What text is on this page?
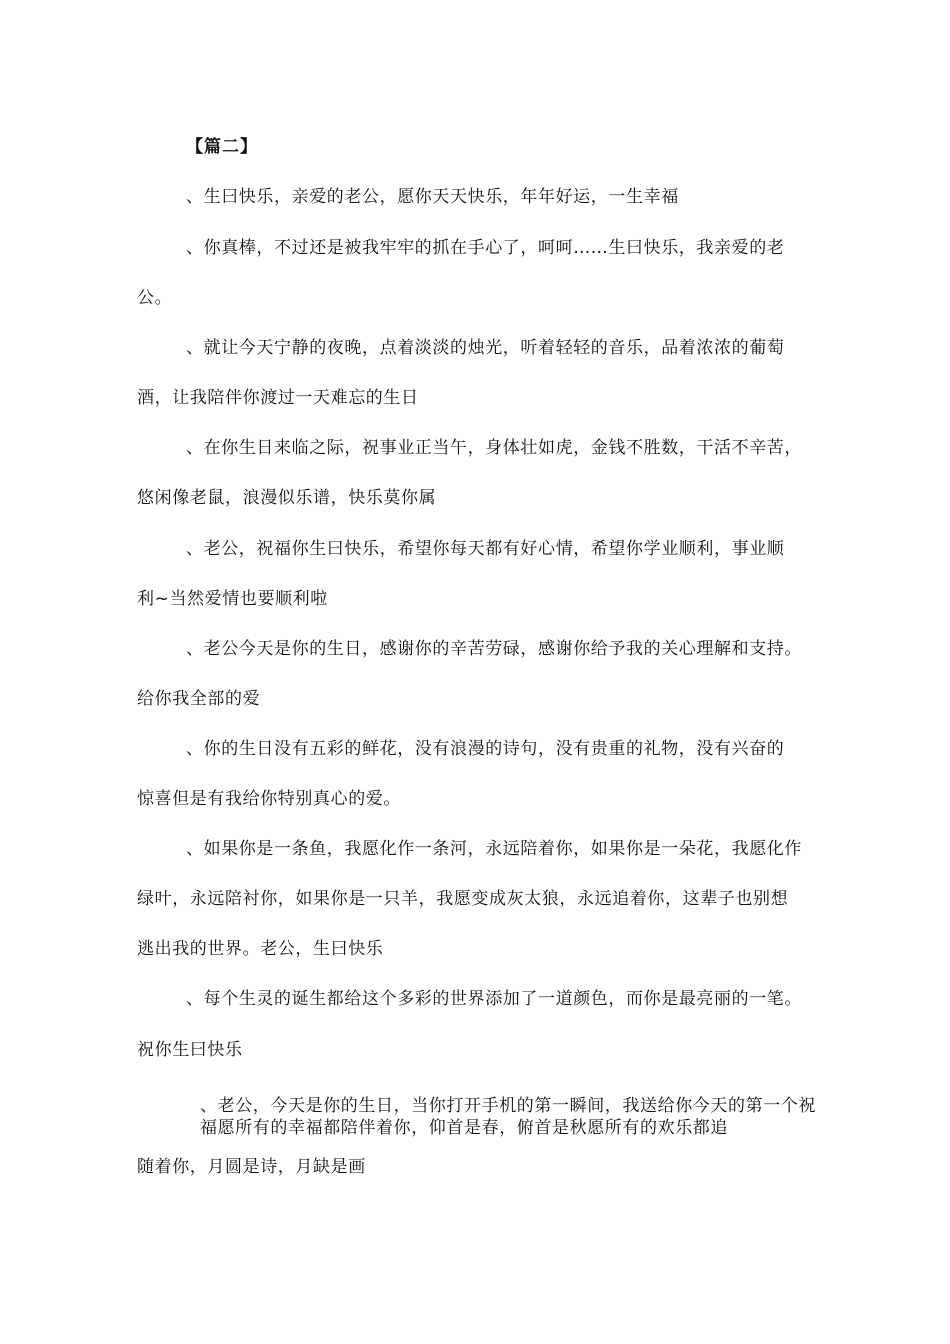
【篇二】
、生曰快乐，亲爱的老公，愿你天天快乐，年年好运，一生幸福
、你真棒，不过还是被我牢牢的抓在手心了，呵呵……生曰快乐，我亲爱的老
公。
、就让今天宁静的夜晚，点着淡淡的烛光，听着轻轻的音乐，品着浓浓的葡萄
酒，让我陪伴你渡过一天难忘的生日
、在你生日来临之际，祝事业正当午，身体壮如虎，金钱不胜数，干活不辛苦，
悠闲像老鼠，浪漫似乐谱，快乐莫你属
、老公，祝福你生曰快乐，希望你每天都有好心情，希望你学业顺利，事业顺
利~当然爱情也要顺利啦
、老公今天是你的生日，感谢你的辛苦劳碌，感谢你给予我的关心理解和支持。
给你我全部的爱
、你的生日没有五彩的鲜花，没有浪漫的诗句，没有贵重的礼物，没有兴奋的
惊喜但是有我给你特别真心的爱。
、如果你是一条鱼，我愿化作一条河，永远陪着你，如果你是一朵花，我愿化作
绿叶，永远陪衬你，如果你是一只羊，我愿变成灰太狼，永远追着你，这辈子也别想
逃出我的世界。老公，生曰快乐
、每个生灵的诞生都给这个多彩的世界添加了一道颜色，而你是最亮丽的一笔。
祝你生曰快乐
、老公，今天是你的生日，当你打开手机的第一瞬间，我送给你今天的第一个祝
福愿所有的幸福都陪伴着你，仰首是春，俯首是秋愿所有的欢乐都追
随着你，月圆是诗，月缺是画
